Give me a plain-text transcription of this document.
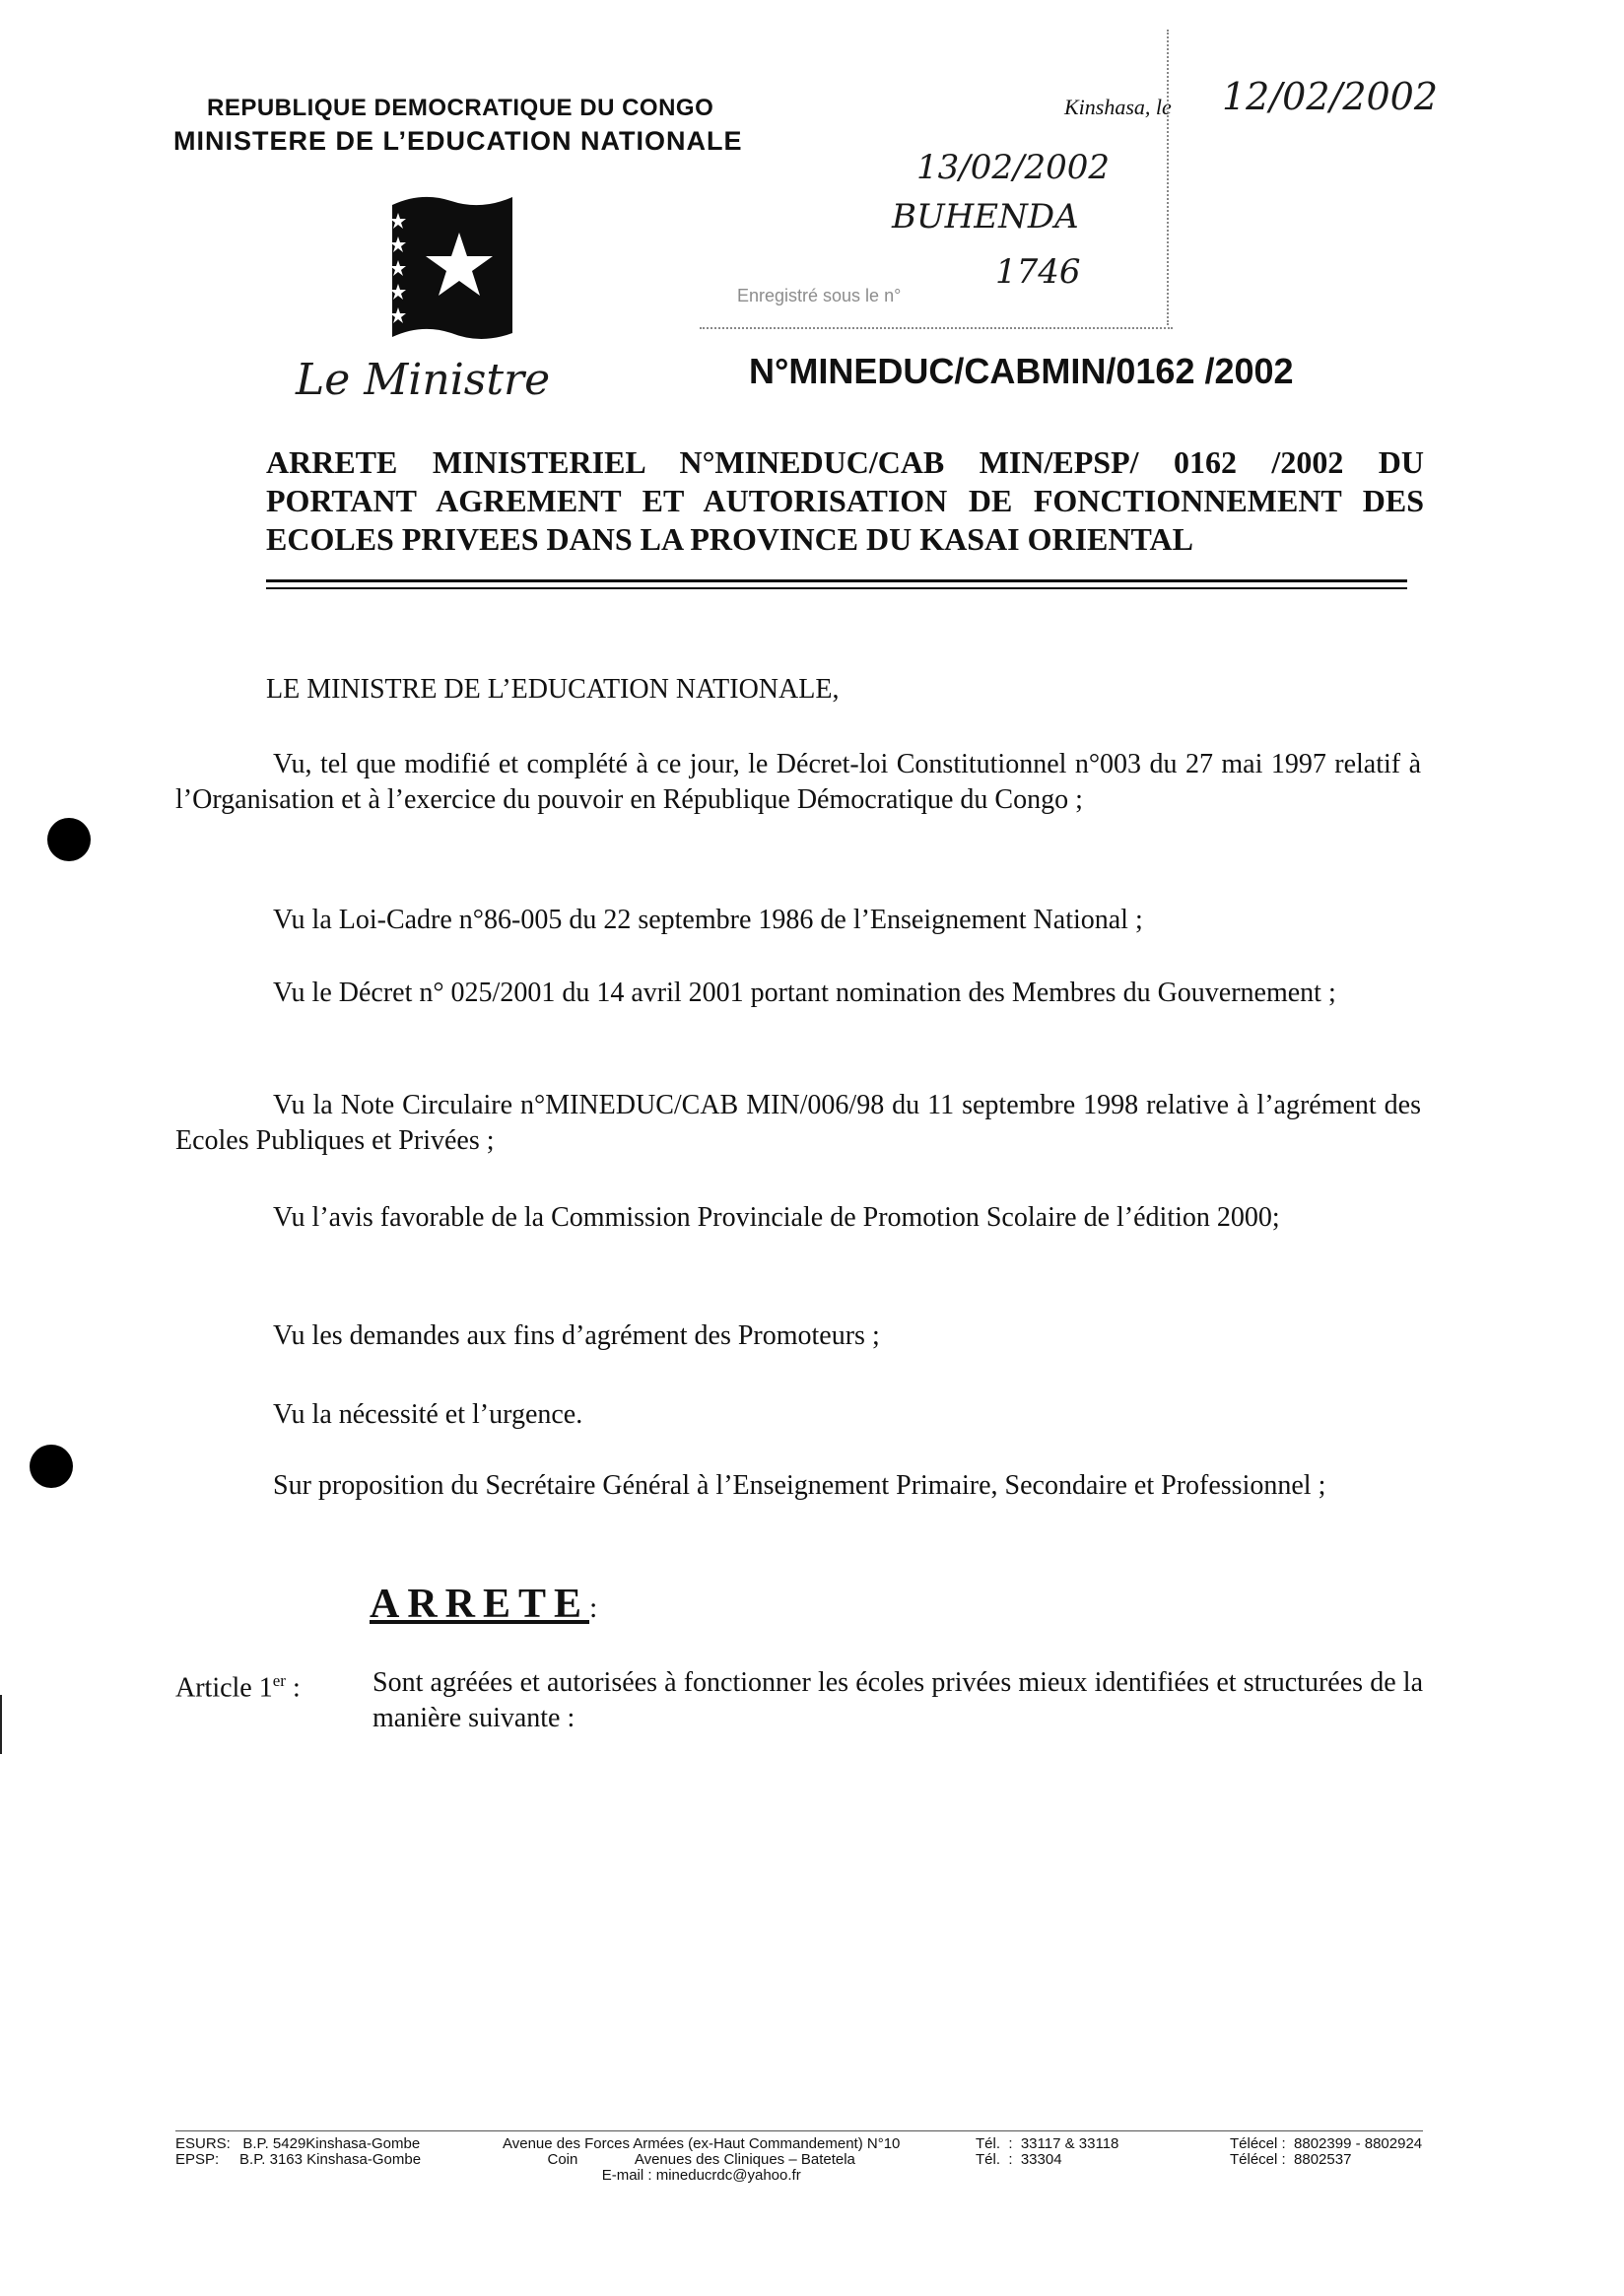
REPUBLIQUE DEMOCRATIQUE DU CONGO
MINISTERE DE L’EDUCATION NATIONALE
Le Ministre
Kinshasa, le 12/02/2002
13/02/2002
BUHENDA
1746
Enregistré sous le n°
N°MINEDUC/CABMIN/0162 /2002
ARRETE MINISTERIEL N°MINEDUC/CAB MIN/EPSP/ 0162 /2002 DU
PORTANT AGREMENT ET AUTORISATION DE FONCTIONNEMENT DES
ECOLES PRIVEES DANS LA PROVINCE DU KASAI ORIENTAL
LE MINISTRE DE L’EDUCATION NATIONALE,
Vu, tel que modifié et complété à ce jour, le Décret-loi Constitutionnel n°003 du 27 mai 1997 relatif à l’Organisation et à l’exercice du pouvoir en République Démocratique du Congo ;
Vu la Loi-Cadre n°86-005 du 22 septembre 1986 de l’Enseignement National ;
Vu le Décret n° 025/2001 du 14 avril 2001 portant nomination des Membres du Gouvernement ;
Vu la Note Circulaire n°MINEDUC/CAB MIN/006/98 du 11 septembre 1998 relative à l’agrément des Ecoles Publiques et Privées ;
Vu l’avis favorable de la Commission Provinciale de Promotion Scolaire de l’édition 2000;
Vu les demandes aux fins d’agrément des Promoteurs ;
Vu la nécessité et l’urgence.
Sur proposition du Secrétaire Général à l’Enseignement Primaire, Secondaire et Professionnel ;
ARRETE:
Article 1er :	Sont agréées et autorisées à fonctionner les écoles privées mieux identifiées et structurées de la manière suivante :
ESURS:   B.P. 5429Kinshasa-Gombe
EPSP:     B.P. 3163 Kinshasa-Gombe
Avenue des Forces Armées (ex-Haut Commandement) N°10
Coin              Avenues des Cliniques – Batetela
E-mail : mineducrdc@yahoo.fr
Tél.  :  33117 & 33118
Tél.  :  33304
Télécel :  8802399 - 8802924
Télécel :  8802537
